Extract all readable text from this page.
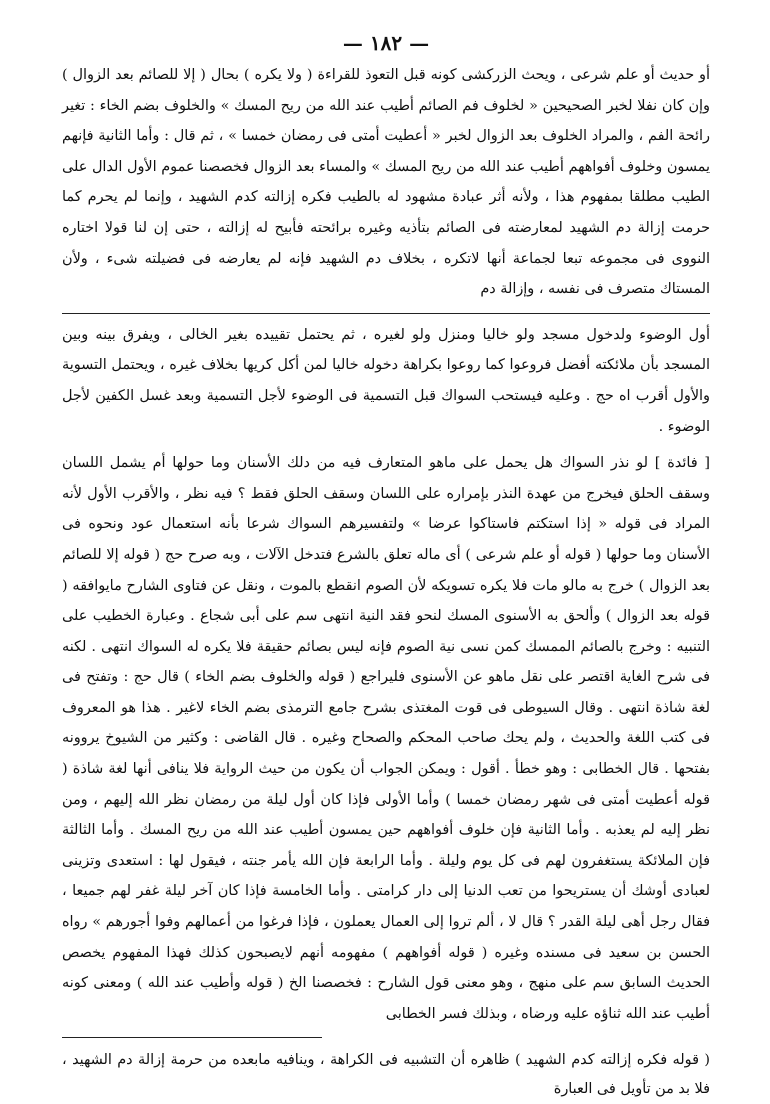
— ١٨٢ —

أو حديث أو علم شرعى ، ويحث الزركشى كونه قبل التعوذ للقراءة ( ولا يكره ) بحال ( إلا للصائم بعد الزوال ) وإن كان نفلا لخبر الصحيحين « لخلوف فم الصائم أطيب عند الله من ريح المسك » والخلوف بضم الخاء : تغير رائحة الفم ، والمراد الخلوف بعد الزوال لخبر « أعطيت أمتى فى رمضان خمسا » ، ثم قال : وأما الثانية فإنهم يمسون وخلوف أفواههم أطيب عند الله من ريح المسك » والمساء بعد الزوال فخصصنا عموم الأول الدال على الطيب مطلقا بمفهوم هذا ، ولأنه أثر عبادة مشهود له بالطيب فكره إزالته كدم الشهيد ، وإنما لم يحرم كما حرمت إزالة دم الشهيد لمعارضته فى الصائم بتأذيه وغيره برائحته فأبيح له إزالته ، حتى إن لنا قولا اختاره النووى فى مجموعه تبعا لجماعة أنها لاتكره ، بخلاف دم الشهيد فإنه لم يعارضه فى فضيلته شىء ، ولأن المستاك متصرف فى نفسه ، وإزالة دم

أول الوضوء ولدخول مسجد ولو خاليا ومنزل ولو لغيره ، ثم يحتمل تقييده بغير الخالى ، ويفرق بينه وبين المسجد بأن ملائكته أفضل فروعوا كما روعوا بكراهة دخوله خاليا لمن أكل كريها بخلاف غيره ، ويحتمل التسوية والأول أقرب اه حج . وعليه فيستحب السواك قبل التسمية فى الوضوء لأجل التسمية وبعد غسل الكفين لأجل الوضوء .

[ فائدة ] لو نذر السواك هل يحمل على ماهو المتعارف فيه من دلك الأسنان وما حولها أم يشمل اللسان وسقف الحلق فيخرج من عهدة النذر بإمراره على اللسان وسقف الحلق فقط ؟ فيه نظر ، والأقرب الأول لأنه المراد فى قوله « إذا استكتم فاستاكوا عرضا » ولتفسيرهم السواك شرعا بأنه استعمال عود ونحوه فى الأسنان وما حولها ( قوله أو علم شرعى ) أى ماله تعلق بالشرع فتدخل الآلات ، وبه صرح حج ( قوله إلا للصائم بعد الزوال ) خرج به مالو مات فلا يكره تسويكه لأن الصوم انقطع بالموت ، ونقل عن فتاوى الشارح مايوافقه ( قوله بعد الزوال ) وألحق به الأسنوى المسك لنحو فقد النية انتهى سم على أبى شجاع . وعبارة الخطيب على التنبيه : وخرج بالصائم الممسك كمن نسى نية الصوم فإنه ليس بصائم حقيقة فلا يكره له السواك انتهى . لكنه فى شرح الغاية اقتصر على نقل ماهو عن الأسنوى فليراجع ( قوله والخلوف بضم الخاء ) قال حج : وتفتح فى لغة شاذة انتهى . وقال السيوطى فى قوت المغتذى بشرح جامع الترمذى بضم الخاء لاغير . هذا هو المعروف فى كتب اللغة والحديث ، ولم يحك صاحب المحكم والصحاح وغيره . قال القاضى : وكثير من الشيوخ يروونه بفتحها . قال الخطابى : وهو خطأ . أقول : ويمكن الجواب أن يكون من حيث الرواية فلا ينافى أنها لغة شاذة ( قوله أعطيت أمتى فى شهر رمضان خمسا ) وأما الأولى فإذا كان أول ليلة من رمضان نظر الله إليهم ، ومن نظر إليه لم يعذبه . وأما الثانية فإن خلوف أفواههم حين يمسون أطيب عند الله من ريح المسك . وأما الثالثة فإن الملائكة يستغفرون لهم فى كل يوم وليلة . وأما الرابعة فإن الله يأمر جنته ، فيقول لها : استعدى وتزينى لعبادى أوشك أن يستريحوا من تعب الدنيا إلى دار كرامتى . وأما الخامسة فإذا كان آخر ليلة غفر لهم جميعا ، فقال رجل أهى ليلة القدر ؟ قال لا ، ألم تروا إلى العمال يعملون ، فإذا فرغوا من أعمالهم وفوا أجورهم » رواه الحسن بن سعيد فى مسنده وغيره ( قوله أفواههم ) مفهومه أنهم لايصبحون كذلك فهذا المفهوم يخصص الحديث السابق سم على منهج ، وهو معنى قول الشارح : فخصصنا الخ ( قوله وأطيب عند الله ) ومعنى كونه أطيب عند الله ثناؤه عليه ورضاه ، وبذلك فسر الخطابى

( قوله فكره إزالته كدم الشهيد ) ظاهره أن التشبيه فى الكراهة ، وينافيه مابعده من حرمة إزالة دم الشهيد ، فلا بد من تأويل فى العبارة
